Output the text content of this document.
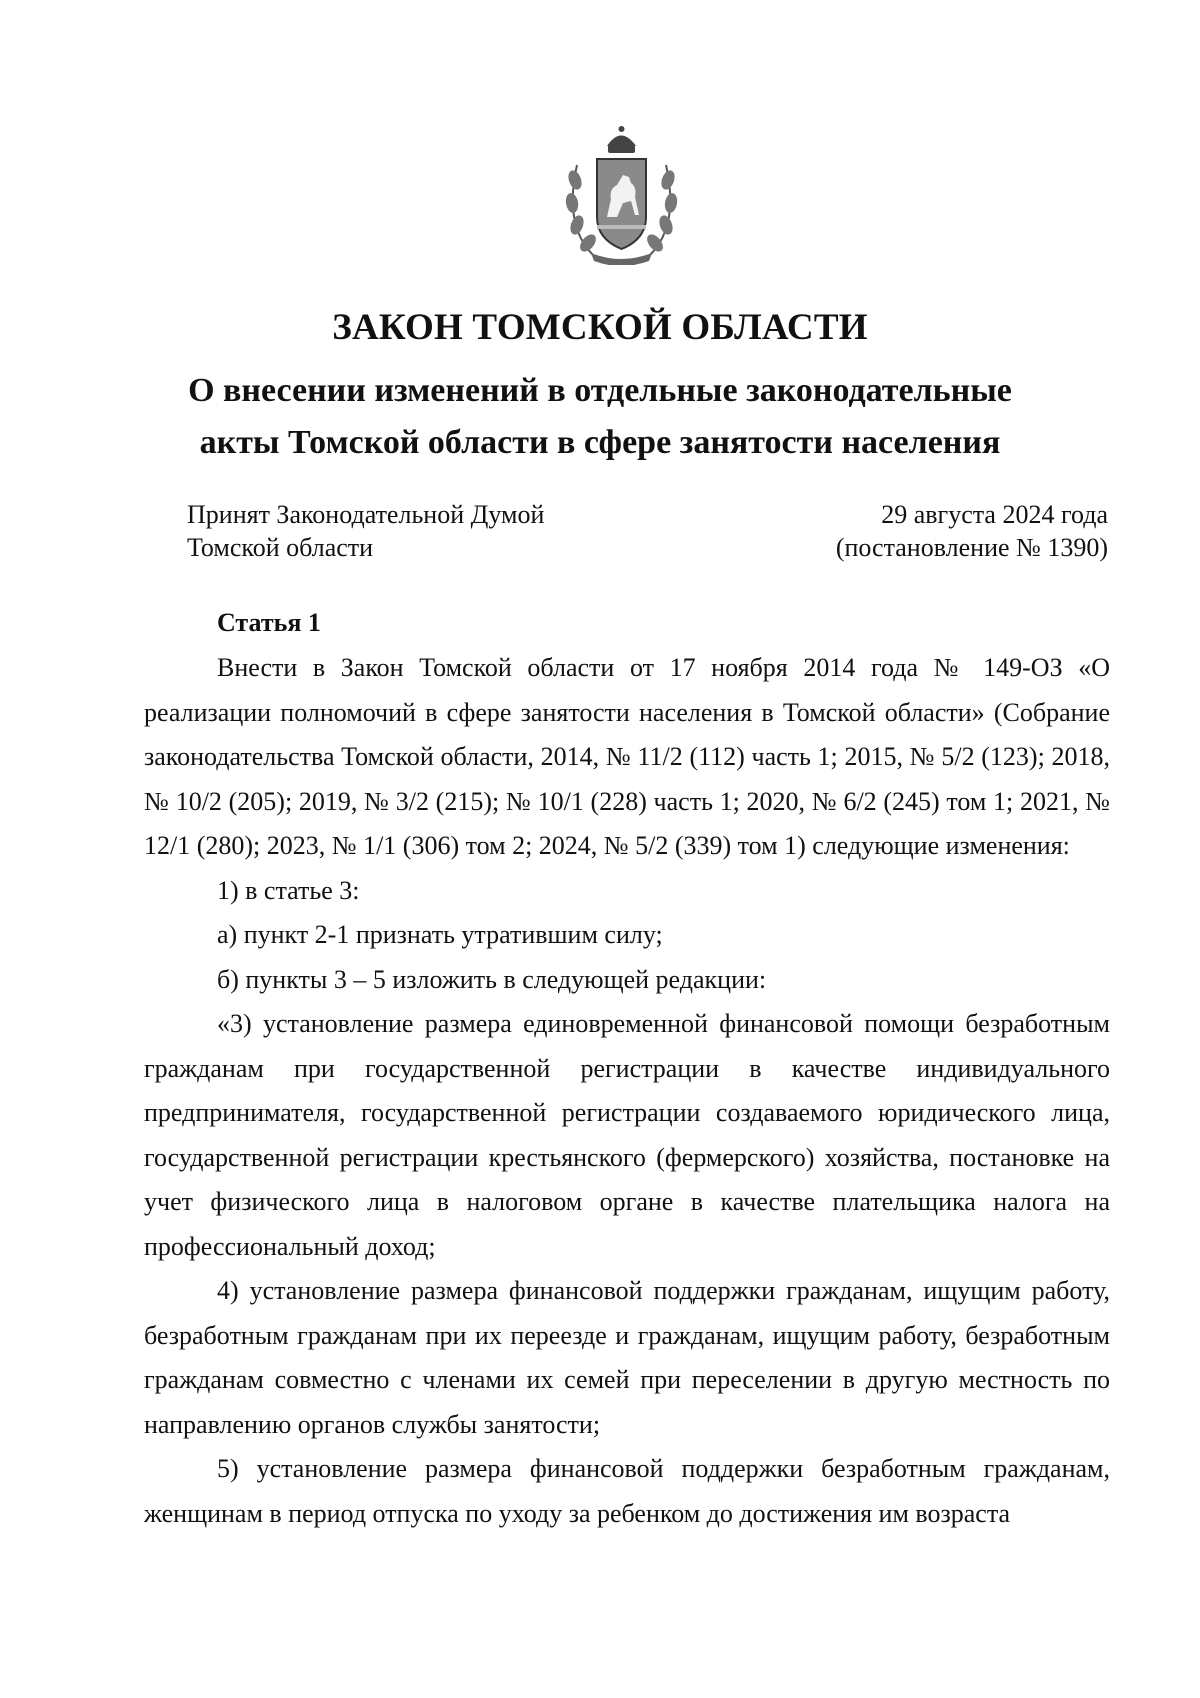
ЗАКОН ТОМСКОЙ ОБЛАСТИ
О внесении изменений в отдельные законодательные
акты Томской области в сфере занятости населения
Принят Законодательной Думой
Томской области
29 августа 2024 года
(постановление № 1390)
Статья 1

Внести в Закон Томской области от 17 ноября 2014 года № 149-ОЗ «О реализации полномочий в сфере занятости населения в Томской области» (Собрание законодательства Томской области, 2014, № 11/2 (112) часть 1; 2015, № 5/2 (123); 2018, № 10/2 (205); 2019, № 3/2 (215); № 10/1 (228) часть 1; 2020, № 6/2 (245) том 1; 2021, № 12/1 (280); 2023, № 1/1 (306) том 2; 2024, № 5/2 (339) том 1) следующие изменения:

1) в статье 3:

а) пункт 2-1 признать утратившим силу;

б) пункты 3 – 5 изложить в следующей редакции:

«3) установление размера единовременной финансовой помощи безработным гражданам при государственной регистрации в качестве индивидуального предпринимателя, государственной регистрации создаваемого юридического лица, государственной регистрации крестьянского (фермерского) хозяйства, постановке на учет физического лица в налоговом органе в качестве плательщика налога на профессиональный доход;

4) установление размера финансовой поддержки гражданам, ищущим работу, безработным гражданам при их переезде и гражданам, ищущим работу, безработным гражданам совместно с членами их семей при переселении в другую местность по направлению органов службы занятости;

5) установление размера финансовой поддержки безработным гражданам, женщинам в период отпуска по уходу за ребенком до достижения им возраста
